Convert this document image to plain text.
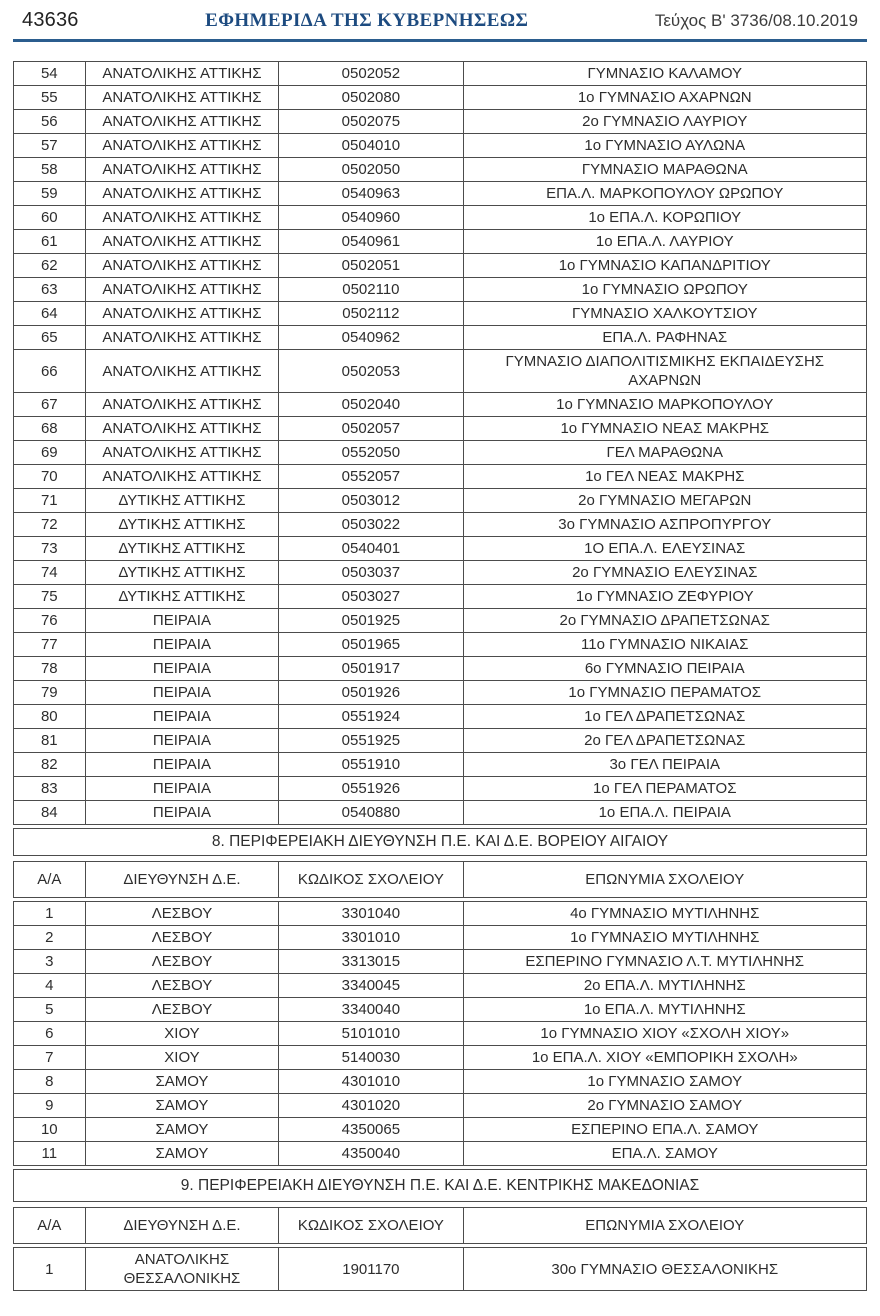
43636	ΕΦΗΜΕΡΙΔΑ ΤΗΣ ΚΥΒΕΡΝΗΣΕΩΣ	Τεύχος Β' 3736/08.10.2019
54	ΑΝΑΤΟΛΙΚΗΣ ΑΤΤΙΚΗΣ	0502052	ΓΥΜΝΑΣΙΟ ΚΑΛΑΜΟΥ
55	ΑΝΑΤΟΛΙΚΗΣ ΑΤΤΙΚΗΣ	0502080	1ο ΓΥΜΝΑΣΙΟ ΑΧΑΡΝΩΝ
56	ΑΝΑΤΟΛΙΚΗΣ ΑΤΤΙΚΗΣ	0502075	2ο ΓΥΜΝΑΣΙΟ ΛΑΥΡΙΟΥ
57	ΑΝΑΤΟΛΙΚΗΣ ΑΤΤΙΚΗΣ	0504010	1ο ΓΥΜΝΑΣΙΟ ΑΥΛΩΝΑ
58	ΑΝΑΤΟΛΙΚΗΣ ΑΤΤΙΚΗΣ	0502050	ΓΥΜΝΑΣΙΟ ΜΑΡΑΘΩΝΑ
59	ΑΝΑΤΟΛΙΚΗΣ ΑΤΤΙΚΗΣ	0540963	ΕΠΑ.Λ. ΜΑΡΚΟΠΟΥΛΟΥ ΩΡΩΠΟΥ
60	ΑΝΑΤΟΛΙΚΗΣ ΑΤΤΙΚΗΣ	0540960	1ο ΕΠΑ.Λ. ΚΟΡΩΠΙΟΥ
61	ΑΝΑΤΟΛΙΚΗΣ ΑΤΤΙΚΗΣ	0540961	1ο ΕΠΑ.Λ. ΛΑΥΡΙΟΥ
62	ΑΝΑΤΟΛΙΚΗΣ ΑΤΤΙΚΗΣ	0502051	1ο ΓΥΜΝΑΣΙΟ ΚΑΠΑΝΔΡΙΤΙΟΥ
63	ΑΝΑΤΟΛΙΚΗΣ ΑΤΤΙΚΗΣ	0502110	1ο ΓΥΜΝΑΣΙΟ ΩΡΩΠΟΥ
64	ΑΝΑΤΟΛΙΚΗΣ ΑΤΤΙΚΗΣ	0502112	ΓΥΜΝΑΣΙΟ ΧΑΛΚΟΥΤΣΙΟΥ
65	ΑΝΑΤΟΛΙΚΗΣ ΑΤΤΙΚΗΣ	0540962	ΕΠΑ.Λ. ΡΑΦΗΝΑΣ
66	ΑΝΑΤΟΛΙΚΗΣ ΑΤΤΙΚΗΣ	0502053	ΓΥΜΝΑΣΙΟ ΔΙΑΠΟΛΙΤΙΣΜΙΚΗΣ ΕΚΠΑΙΔΕΥΣΗΣ ΑΧΑΡΝΩΝ
67	ΑΝΑΤΟΛΙΚΗΣ ΑΤΤΙΚΗΣ	0502040	1ο ΓΥΜΝΑΣΙΟ ΜΑΡΚΟΠΟΥΛΟΥ
68	ΑΝΑΤΟΛΙΚΗΣ ΑΤΤΙΚΗΣ	0502057	1ο ΓΥΜΝΑΣΙΟ ΝΕΑΣ ΜΑΚΡΗΣ
69	ΑΝΑΤΟΛΙΚΗΣ ΑΤΤΙΚΗΣ	0552050	ΓΕΛ ΜΑΡΑΘΩΝΑ
70	ΑΝΑΤΟΛΙΚΗΣ ΑΤΤΙΚΗΣ	0552057	1ο ΓΕΛ ΝΕΑΣ ΜΑΚΡΗΣ
71	ΔΥΤΙΚΗΣ ΑΤΤΙΚΗΣ	0503012	2ο ΓΥΜΝΑΣΙΟ ΜΕΓΑΡΩΝ
72	ΔΥΤΙΚΗΣ ΑΤΤΙΚΗΣ	0503022	3ο ΓΥΜΝΑΣΙΟ ΑΣΠΡΟΠΥΡΓΟΥ
73	ΔΥΤΙΚΗΣ ΑΤΤΙΚΗΣ	0540401	1Ο ΕΠΑ.Λ. ΕΛΕΥΣΙΝΑΣ
74	ΔΥΤΙΚΗΣ ΑΤΤΙΚΗΣ	0503037	2ο ΓΥΜΝΑΣΙΟ ΕΛΕΥΣΙΝΑΣ
75	ΔΥΤΙΚΗΣ ΑΤΤΙΚΗΣ	0503027	1ο ΓΥΜΝΑΣΙΟ ΖΕΦΥΡΙΟΥ
76	ΠΕΙΡΑΙΑ	0501925	2ο ΓΥΜΝΑΣΙΟ ΔΡΑΠΕΤΣΩΝΑΣ
77	ΠΕΙΡΑΙΑ	0501965	11ο ΓΥΜΝΑΣΙΟ ΝΙΚΑΙΑΣ
78	ΠΕΙΡΑΙΑ	0501917	6ο ΓΥΜΝΑΣΙΟ ΠΕΙΡΑΙΑ
79	ΠΕΙΡΑΙΑ	0501926	1ο ΓΥΜΝΑΣΙΟ ΠΕΡΑΜΑΤΟΣ
80	ΠΕΙΡΑΙΑ	0551924	1ο ΓΕΛ ΔΡΑΠΕΤΣΩΝΑΣ
81	ΠΕΙΡΑΙΑ	0551925	2ο ΓΕΛ ΔΡΑΠΕΤΣΩΝΑΣ
82	ΠΕΙΡΑΙΑ	0551910	3ο ΓΕΛ ΠΕΙΡΑΙΑ
83	ΠΕΙΡΑΙΑ	0551926	1ο ΓΕΛ ΠΕΡΑΜΑΤΟΣ
84	ΠΕΙΡΑΙΑ	0540880	1ο ΕΠΑ.Λ. ΠΕΙΡΑΙΑ
8. ΠΕΡΙΦΕΡΕΙΑΚΗ ΔΙΕΥΘΥΝΣΗ Π.Ε. ΚΑΙ Δ.Ε. ΒΟΡΕΙΟΥ ΑΙΓΑΙΟΥ
Α/Α	ΔΙΕΥΘΥΝΣΗ Δ.Ε.	ΚΩΔΙΚΟΣ ΣΧΟΛΕΙΟΥ	ΕΠΩΝΥΜΙΑ ΣΧΟΛΕΙΟΥ
1	ΛΕΣΒΟΥ	3301040	4ο ΓΥΜΝΑΣΙΟ ΜΥΤΙΛΗΝΗΣ
2	ΛΕΣΒΟΥ	3301010	1ο ΓΥΜΝΑΣΙΟ ΜΥΤΙΛΗΝΗΣ
3	ΛΕΣΒΟΥ	3313015	ΕΣΠΕΡΙΝΟ ΓΥΜΝΑΣΙΟ Λ.Τ. ΜΥΤΙΛΗΝΗΣ
4	ΛΕΣΒΟΥ	3340045	2ο ΕΠΑ.Λ. ΜΥΤΙΛΗΝΗΣ
5	ΛΕΣΒΟΥ	3340040	1ο ΕΠΑ.Λ. ΜΥΤΙΛΗΝΗΣ
6	ΧΙΟΥ	5101010	1ο ΓΥΜΝΑΣΙΟ ΧΙΟΥ «ΣΧΟΛΗ ΧΙΟΥ»
7	ΧΙΟΥ	5140030	1ο ΕΠΑ.Λ. ΧΙΟΥ «ΕΜΠΟΡΙΚΗ ΣΧΟΛΗ»
8	ΣΑΜΟΥ	4301010	1ο ΓΥΜΝΑΣΙΟ ΣΑΜΟΥ
9	ΣΑΜΟΥ	4301020	2ο ΓΥΜΝΑΣΙΟ ΣΑΜΟΥ
10	ΣΑΜΟΥ	4350065	ΕΣΠΕΡΙΝΟ ΕΠΑ.Λ. ΣΑΜΟΥ
11	ΣΑΜΟΥ	4350040	ΕΠΑ.Λ. ΣΑΜΟΥ
9. ΠΕΡΙΦΕΡΕΙΑΚΗ ΔΙΕΥΘΥΝΣΗ Π.Ε. ΚΑΙ Δ.Ε. ΚΕΝΤΡΙΚΗΣ ΜΑΚΕΔΟΝΙΑΣ
Α/Α	ΔΙΕΥΘΥΝΣΗ Δ.Ε.	ΚΩΔΙΚΟΣ ΣΧΟΛΕΙΟΥ	ΕΠΩΝΥΜΙΑ ΣΧΟΛΕΙΟΥ
1	ΑΝΑΤΟΛΙΚΗΣ ΘΕΣΣΑΛΟΝΙΚΗΣ	1901170	30ο ΓΥΜΝΑΣΙΟ ΘΕΣΣΑΛΟΝΙΚΗΣ
